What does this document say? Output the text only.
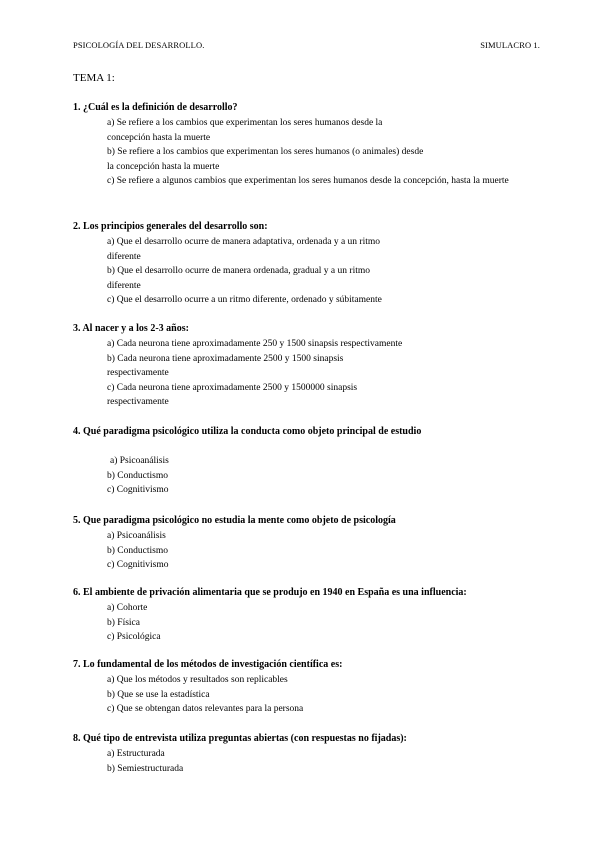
PSICOLOGÍA DEL DESARROLLO.	SIMULACRO 1.
TEMA 1:
1. ¿Cuál es la definición de desarrollo?
a) Se refiere a los cambios que experimentan los seres humanos desde la concepción hasta la muerte
b) Se refiere a los cambios que experimentan los seres humanos (o animales) desde la concepción hasta la muerte
c) Se refiere a algunos cambios que experimentan los seres humanos desde la concepción, hasta la muerte
2. Los principios generales del desarrollo son:
a) Que el desarrollo ocurre de manera adaptativa, ordenada y a un ritmo diferente
b) Que el desarrollo ocurre de manera ordenada, gradual y a un ritmo diferente
c) Que el desarrollo ocurre a un ritmo diferente, ordenado y súbitamente
3. Al nacer y a los 2-3 años:
a) Cada neurona tiene aproximadamente 250 y 1500 sinapsis respectivamente
b) Cada neurona tiene aproximadamente 2500 y 1500 sinapsis respectivamente
c) Cada neurona tiene aproximadamente 2500 y 1500000 sinapsis respectivamente
4. Qué paradigma psicológico utiliza la conducta como objeto principal de estudio
a) Psicoanálisis
b) Conductismo
c) Cognitivismo
5. Que paradigma psicológico no estudia la mente como objeto de psicología
a) Psicoanálisis
b) Conductismo
c) Cognitivismo
6. El ambiente de privación alimentaria que se produjo en 1940 en España es una influencia:
a) Cohorte
b) Física
c) Psicológica
7. Lo fundamental de los métodos de investigación científica es:
a) Que los métodos y resultados son replicables
b) Que se use la estadística
c) Que se obtengan datos relevantes para la persona
8. Qué tipo de entrevista utiliza preguntas abiertas (con respuestas no fijadas):
a) Estructurada
b) Semiestructurada
